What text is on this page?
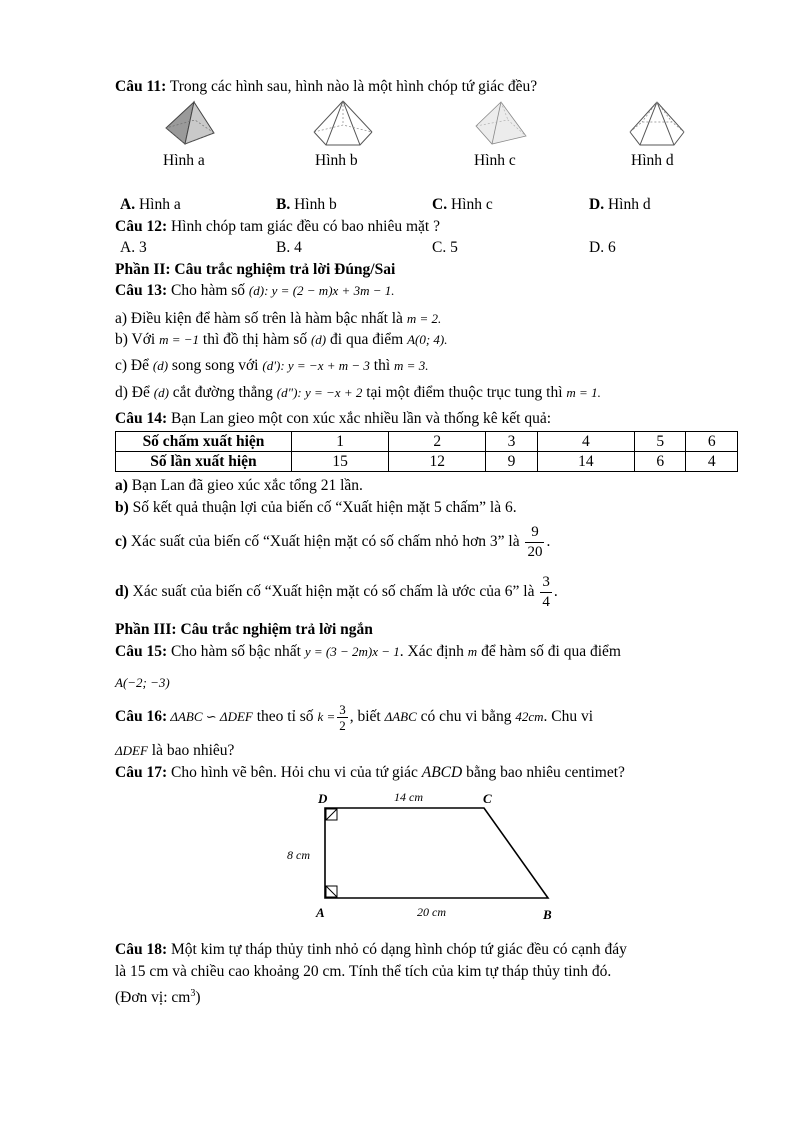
Câu 11: Trong các hình sau, hình nào là một hình chóp tứ giác đều?
Hình a	Hình b	Hình c	Hình d
A. Hình a	B. Hình b	C. Hình c	D. Hình d
Câu 12: Hình chóp tam giác đều có bao nhiêu mặt ?
A. 3	B. 4	C. 5	D. 6
Phần II: Câu trắc nghiệm trả lời Đúng/Sai
Câu 13: Cho hàm số (d): y = (2 − m)x + 3m − 1.
a) Điều kiện để hàm số trên là hàm bậc nhất là m = 2.
b) Với m = −1 thì đồ thị hàm số (d) đi qua điểm A(0; 4).
c) Để (d) song song với (d'): y = −x + m − 3 thì m = 3.
d) Để (d) cắt đường thẳng (d"): y = −x + 2 tại một điểm thuộc trục tung thì m = 1.
Câu 14: Bạn Lan gieo một con xúc xắc nhiều lần và thống kê kết quả:
Số chấm xuất hiện	1	2	3	4	5	6
Số lần xuất hiện	15	12	9	14	6	4
a) Bạn Lan đã gieo xúc xắc tổng 21 lần.
b) Số kết quả thuận lợi của biến cố “Xuất hiện mặt 5 chấm” là 6.
c) Xác suất của biến cố “Xuất hiện mặt có số chấm nhỏ hơn 3” là $\frac{9}{20}$ .
d) Xác suất của biến cố “Xuất hiện mặt có số chấm là ước của 6” là $\frac{3}{4}$ .
Phần III: Câu trắc nghiệm trả lời ngắn
Câu 15: Cho hàm số bậc nhất y = (3 − 2m)x − 1. Xác định m để hàm số đi qua điểm
A(−2; −3)
Câu 16: ΔABC ∽ ΔDEF theo tỉ số $k = \frac{3}{2}$ , biết ΔABC có chu vi bằng 42cm. Chu vi
ΔDEF là bao nhiêu?
Câu 17: Cho hình vẽ bên. Hỏi chu vi của tứ giác ABCD bằng bao nhiêu centimet?
D	C
A	B
14 cm
8 cm
20 cm
Câu 18: Một kim tự tháp thủy tinh nhỏ có dạng hình chóp tứ giác đều có cạnh đáy
là 15 cm và chiều cao khoảng 20 cm. Tính thể tích của kim tự tháp thủy tinh đó.
(Đơn vị: $cm^3$)
